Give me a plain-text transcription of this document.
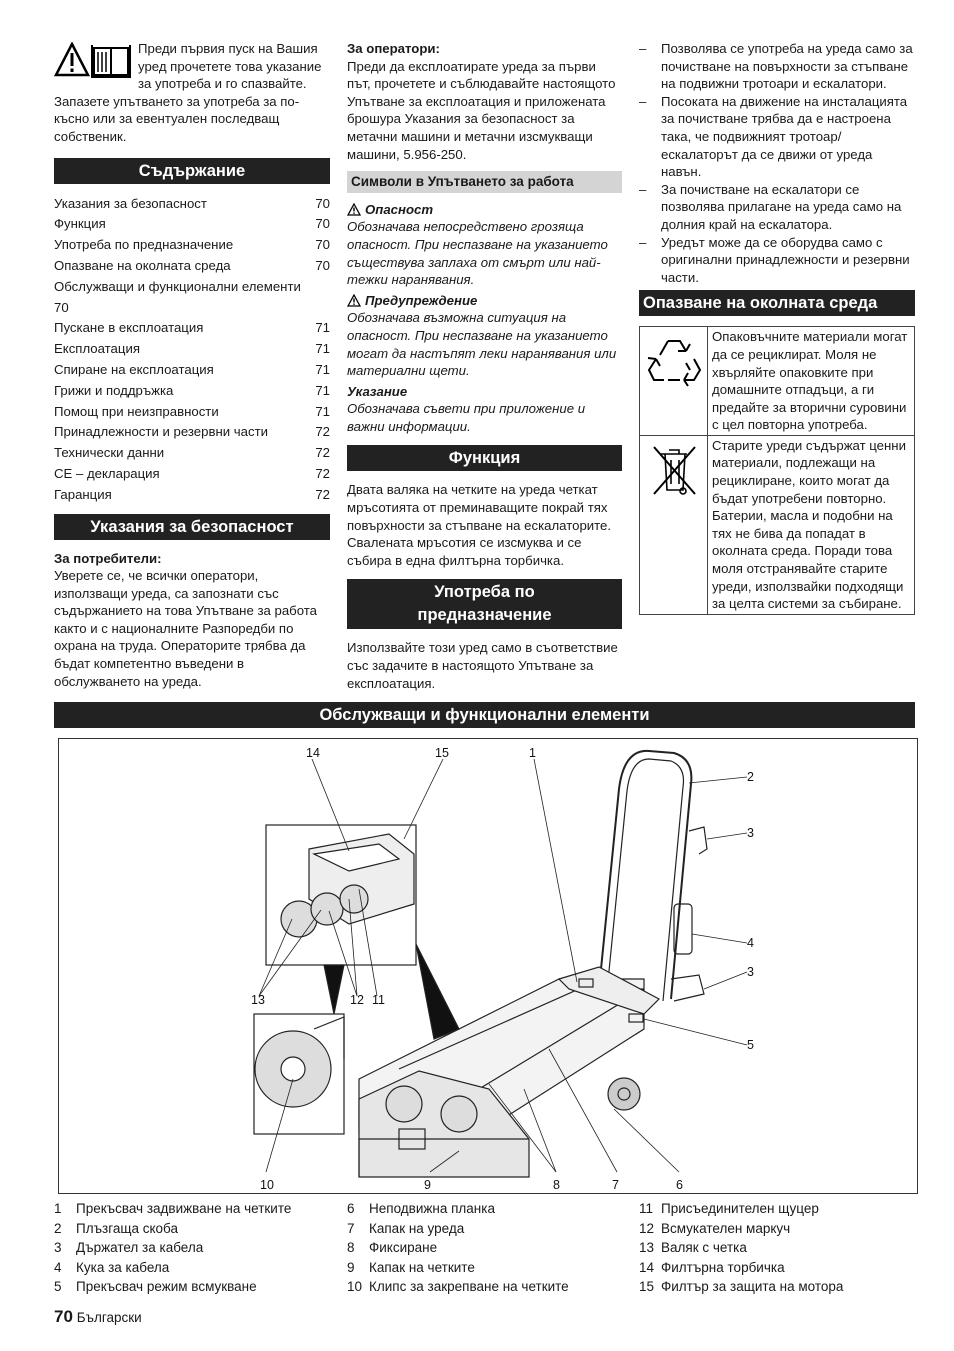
Преди първия пуск на Вашия уред прочетете това указание за употреба и го спазвайте. Запазете упътването за употреба за по-късно или за евентуален последващ собственик.
Съдържание
Указания за безопасност	70
Функция	70
Употреба по предназначение	70
Опазване на околната среда	70
Обслужващи и функционални елементи 70
Пускане в експлоатация	71
Експлоатация	71
Спиране на експлоатация	71
Грижи и поддръжка	71
Помощ при неизправности	71
Принадлежности и резервни части	72
Технически данни	72
CE – декларация	72
Гаранция	72
Указания за безопасност
За потребители:
Уверете се, че всички оператори, използващи уреда, са запознати със съдържанието на това Упътване за работа както и с националните Разпоредби по охрана на труда. Операторите трябва да бъдат компетентно въведени в обслужването на уреда.
За оператори:
Преди да експлоатирате уреда за първи път, прочетете и съблюдавайте настоящото Упътване за експлоатация и приложената брошура Указания за безопасност за метачни машини и метачни изсмукващи машини, 5.956-250.
Символи в Упътването за работа
Опасност
Обозначава непосредствено грозяща опасност. При неспазване на указанието съществува заплаха от смърт или най-тежки наранявания.
Предупреждение
Обозначава възможна ситуация на опасност. При неспазване на указанието могат да настъпят леки наранявания или материални щети.
Указание
Обозначава съвети при приложение и важни информации.
Функция
Двата валяка на четките на уреда четкат мръсотията от преминаващите покрай тях повърхности за стъпване на ескалаторите. Свалената мръсотия се изсмуква и се събира в една филтърна торбичка.
Употреба по
предназначение
Използвайте този уред само в съответствие със задачите в настоящото Упътване за експлоатация.
–	Позволява се употреба на уреда само за почистване на повърхности за стъпване на подвижни тротоари и ескалатори.
–	Посоката на движение на инсталацията за почистване трябва да е настроена така, че подвижният тротоар/ескалаторът да се движи от уреда навън.
–	За почистване на ескалатори се позволява прилагане на уреда само на долния край на ескалатора.
–	Уредът може да се оборудва само с оригинални принадлежности и резервни части.
Опазване на околната среда
	Опаковъчните материали могат да се рециклират. Моля не хвърляйте опаковките при домашните отпадъци, а ги предайте за вторични суровини с цел повторна употреба.
	Старите уреди съдържат ценни материали, подлежащи на рециклиране, които могат да бъдат употребени повторно. Батерии, масла и подобни на тях не бива да попадат в околната среда. Поради това моля отстранявайте старите уреди, използвайки подходящи за целта системи за събиране.
Обслужващи и функционални елементи
14	15	1
2
3
4
3
5
13	12 11
10	9	8	7	6
1	Прекъсвач задвижване на четките
2	Плъзгаща скоба
3	Държател за кабела
4	Кука за кабела
5	Прекъсвач режим всмукване
6	Неподвижна планка
7	Капак на уреда
8	Фиксиране
9	Капак на четките
10 Клипс за закрепване на четките
11 Присъединителен щуцер
12 Всмукателен маркуч
13 Валяк с четка
14 Филтърна торбичка
15 Филтър за защита на мотора
70 Български
